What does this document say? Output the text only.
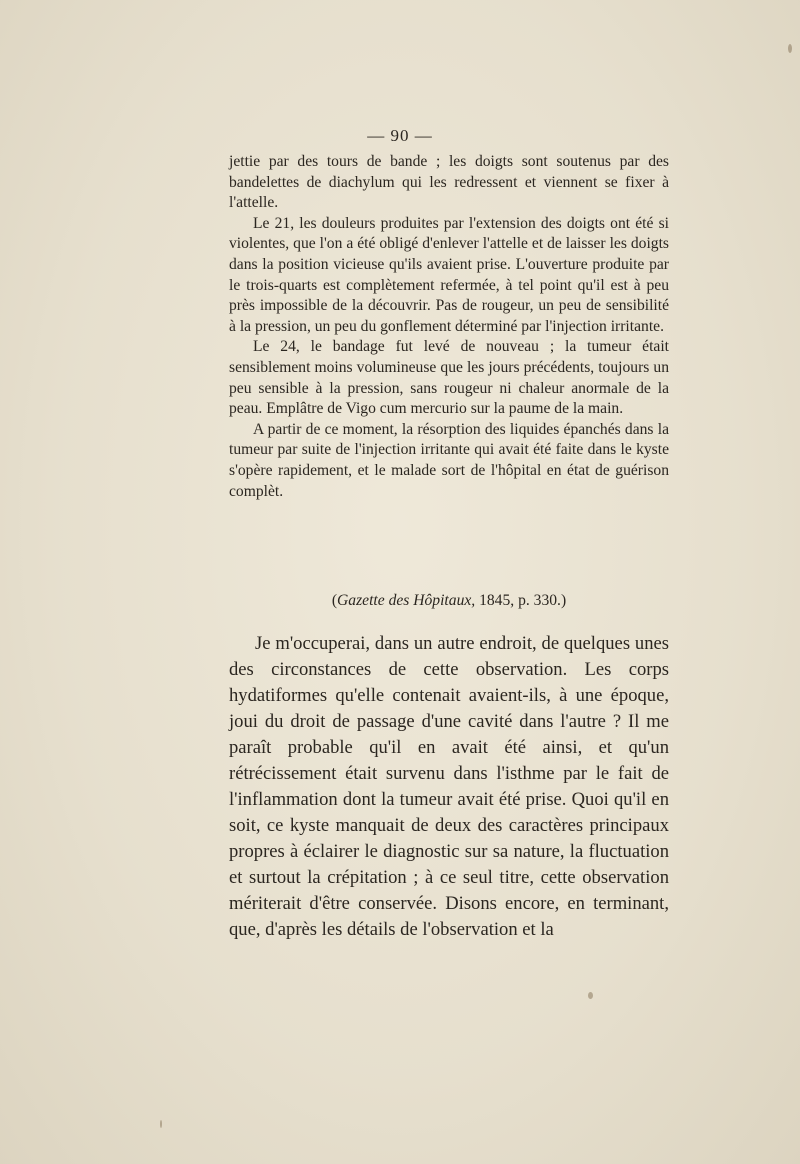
— 90 —

jettie par des tours de bande ; les doigts sont soutenus par des bandelettes de diachylum qui les redressent et viennent se fixer à l'attelle.

Le 21, les douleurs produites par l'extension des doigts ont été si violentes, que l'on a été obligé d'enlever l'attelle et de laisser les doigts dans la position vicieuse qu'ils avaient prise. L'ouverture produite par le trois-quarts est complètement refermée, à tel point qu'il est à peu près impossible de la découvrir. Pas de rougeur, un peu de sensibilité à la pression, un peu du gonflement déterminé par l'injection irritante.

Le 24, le bandage fut levé de nouveau ; la tumeur était sensiblement moins volumineuse que les jours précédents, toujours un peu sensible à la pression, sans rougeur ni chaleur anormale de la peau. Emplâtre de Vigo cum mercurio sur la paume de la main.

A partir de ce moment, la résorption des liquides épanchés dans la tumeur par suite de l'injection irritante qui avait été faite dans le kyste s'opère rapidement, et le malade sort de l'hôpital en état de guérison complèt.

(Gazette des Hôpitaux, 1845, p. 330.)

Je m'occuperai, dans un autre endroit, de quelques unes des circonstances de cette observation. Les corps hydatiformes qu'elle contenait avaient-ils, à une époque, joui du droit de passage d'une cavité dans l'autre ? Il me paraît probable qu'il en avait été ainsi, et qu'un rétrécissement était survenu dans l'isthme par le fait de l'inflammation dont la tumeur avait été prise. Quoi qu'il en soit, ce kyste manquait de deux des caractères principaux propres à éclairer le diagnostic sur sa nature, la fluctuation et surtout la crépitation ; à ce seul titre, cette observation mériterait d'être conservée. Disons encore, en terminant, que, d'après les détails de l'observation et la
